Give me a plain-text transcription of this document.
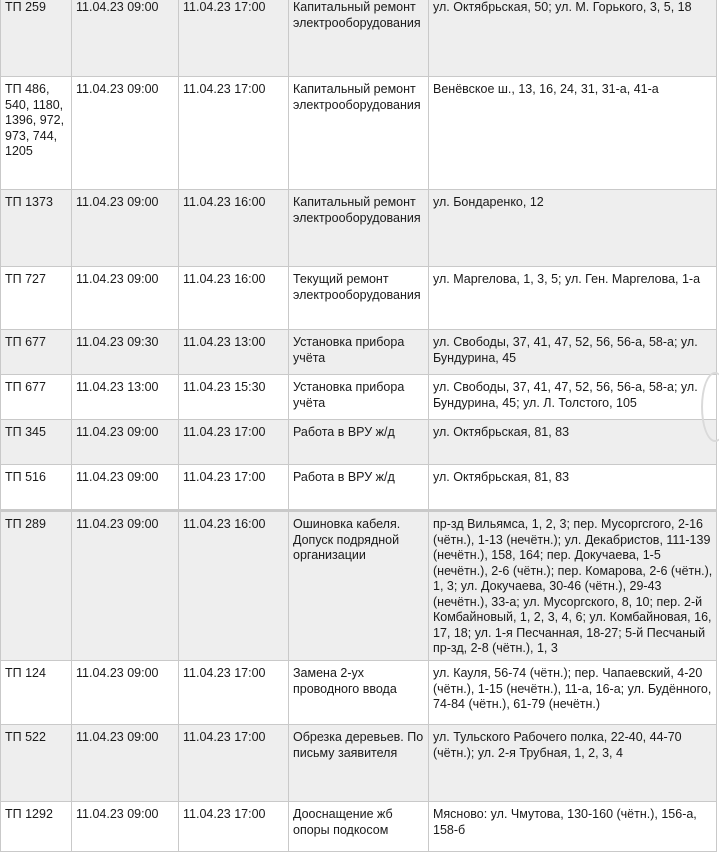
ТП 259	11.04.23 09:00	11.04.23 17:00	Капитальный ремонт электрооборудования	ул. Октябрьская, 50; ул. М. Горького, 3, 5, 18
ТП 486, 540, 1180, 1396, 972, 973, 744, 1205	11.04.23 09:00	11.04.23 17:00	Капитальный ремонт электрооборудования	Венёвское ш., 13, 16, 24, 31, 31-а, 41-а
ТП 1373	11.04.23 09:00	11.04.23 16:00	Капитальный ремонт электрооборудования	ул. Бондаренко, 12
ТП 727	11.04.23 09:00	11.04.23 16:00	Текущий ремонт электрооборудования	ул. Маргелова, 1, 3, 5; ул. Ген. Маргелова, 1-а
ТП 677	11.04.23 09:30	11.04.23 13:00	Установка прибора учёта	ул. Свободы, 37, 41, 47, 52, 56, 56-а, 58-а; ул. Бундурина, 45
ТП 677	11.04.23 13:00	11.04.23 15:30	Установка прибора учёта	ул. Свободы, 37, 41, 47, 52, 56, 56-а, 58-а; ул. Бундурина, 45; ул. Л. Толстого, 105
ТП 345	11.04.23 09:00	11.04.23 17:00	Работа в ВРУ ж/д	ул. Октябрьская, 81, 83
ТП 516	11.04.23 09:00	11.04.23 17:00	Работа в ВРУ ж/д	ул. Октябрьская, 81, 83
ТП 289	11.04.23 09:00	11.04.23 16:00	Ошиновка кабеля. Допуск подрядной организации	пр-зд Вильямса, 1, 2, 3; пер. Мусоргсгого, 2-16 (чётн.), 1-13 (нечётн.); ул. Декабристов, 111-139 (нечётн.), 158, 164; пер. Докучаева, 1-5 (нечётн.), 2-6 (чётн.); пер. Комарова, 2-6 (чётн.), 1, 3; ул. Докучаева, 30-46 (чётн.), 29-43 (нечётн.), 33-а; ул. Мусоргского, 8, 10; пер. 2-й Комбайновый, 1, 2, 3, 4, 6; ул. Комбайновая, 16, 17, 18; ул. 1-я Песчанная, 18-27; 5-й Песчаный пр-зд, 2-8 (чётн.), 1, 3
ТП 124	11.04.23 09:00	11.04.23 17:00	Замена 2-ух проводного ввода	ул. Кауля, 56-74 (чётн.); пер. Чапаевский, 4-20 (чётн.), 1-15 (нечётн.), 11-а, 16-а; ул. Будённого, 74-84 (чётн.), 61-79 (нечётн.)
ТП 522	11.04.23 09:00	11.04.23 17:00	Обрезка деревьев. По письму заявителя	ул. Тульского Рабочего полка, 22-40, 44-70 (чётн.); ул. 2-я Трубная, 1, 2, 3, 4
ТП 1292	11.04.23 09:00	11.04.23 17:00	Дооснащение жб опоры подкосом	Мясново: ул. Чмутова, 130-160 (чётн.), 156-а, 158-б
